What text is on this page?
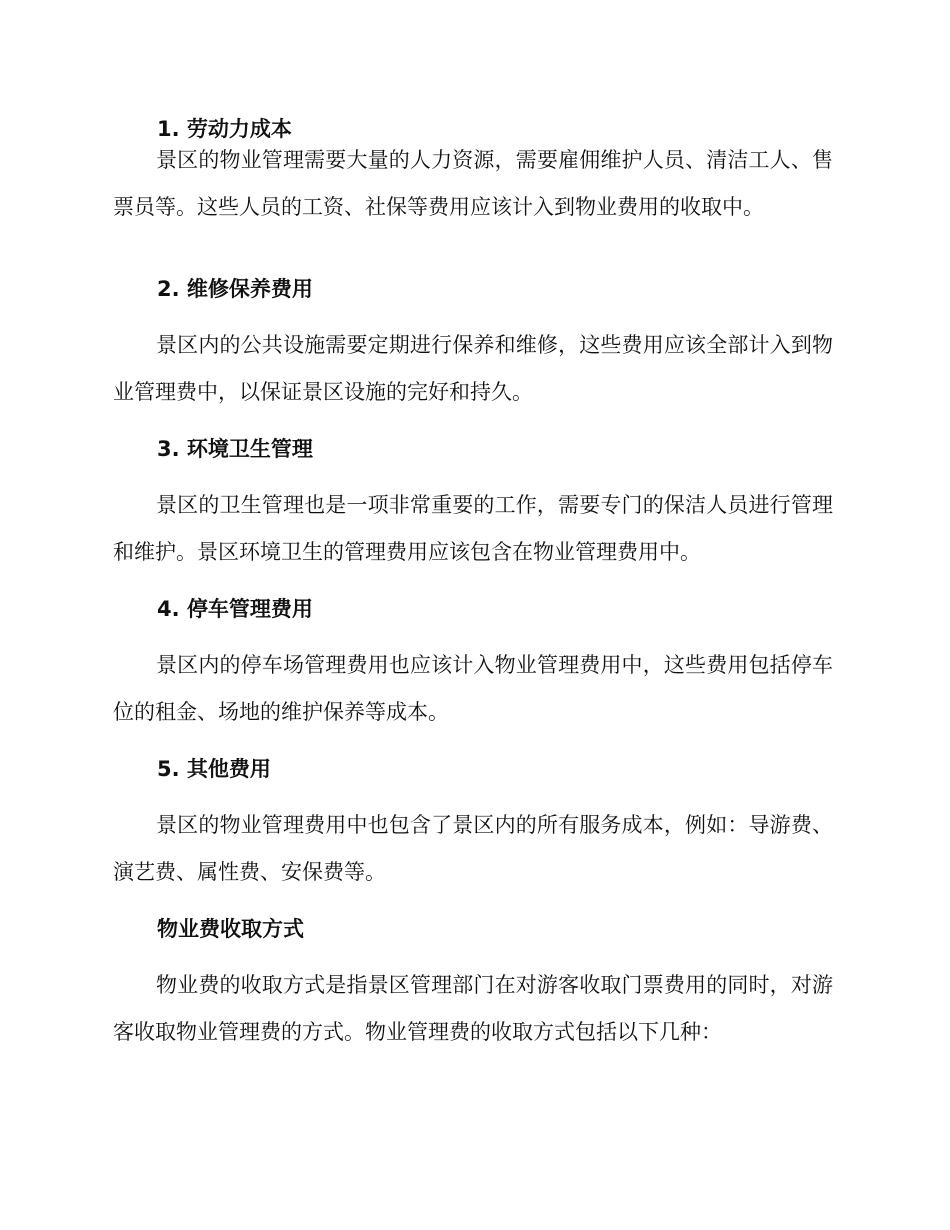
1. 劳动力成本

景区的物业管理需要大量的人力资源，需要雇佣维护人员、清洁工人、售票员等。这些人员的工资、社保等费用应该计入到物业费用的收取中。

2. 维修保养费用

景区内的公共设施需要定期进行保养和维修，这些费用应该全部计入到物业管理费中，以保证景区设施的完好和持久。

3. 环境卫生管理

景区的卫生管理也是一项非常重要的工作，需要专门的保洁人员进行管理和维护。景区环境卫生的管理费用应该包含在物业管理费用中。

4. 停车管理费用

景区内的停车场管理费用也应该计入物业管理费用中，这些费用包括停车位的租金、场地的维护保养等成本。

5. 其他费用

景区的物业管理费用中也包含了景区内的所有服务成本，例如：导游费、演艺费、属性费、安保费等。

物业费收取方式

物业费的收取方式是指景区管理部门在对游客收取门票费用的同时，对游客收取物业管理费的方式。物业管理费的收取方式包括以下几种：
